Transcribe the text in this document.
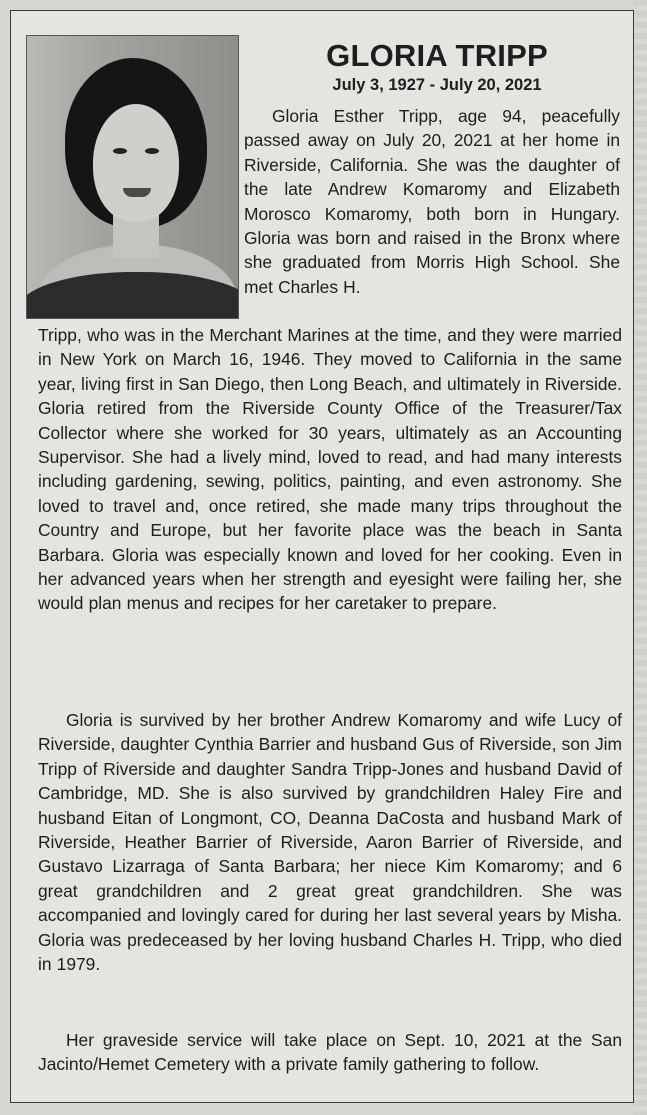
GLORIA TRIPP
July 3, 1927 - July 20, 2021

Gloria Esther Tripp, age 94, peacefully passed away on July 20, 2021 at her home in Riverside, California. She was the daughter of the late Andrew Komaromy and Elizabeth Morosco Komaromy, both born in Hungary. Gloria was born and raised in the Bronx where she graduated from Morris High School. She met Charles H.

Tripp, who was in the Merchant Marines at the time, and they were married in New York on March 16, 1946. They moved to California in the same year, living first in San Diego, then Long Beach, and ultimately in Riverside. Gloria retired from the Riverside County Office of the Treasurer/Tax Collector where she worked for 30 years, ultimately as an Accounting Supervisor. She had a lively mind, loved to read, and had many interests including gardening, sewing, politics, painting, and even astronomy. She loved to travel and, once retired, she made many trips throughout the Country and Europe, but her favorite place was the beach in Santa Barbara. Gloria was especially known and loved for her cooking. Even in her advanced years when her strength and eyesight were failing her, she would plan menus and recipes for her caretaker to prepare.

Gloria is survived by her brother Andrew Komaromy and wife Lucy of Riverside, daughter Cynthia Barrier and husband Gus of Riverside, son Jim Tripp of Riverside and daughter Sandra Tripp-Jones and husband David of Cambridge, MD. She is also survived by grandchildren Haley Fire and husband Eitan of Longmont, CO, Deanna DaCosta and husband Mark of Riverside, Heather Barrier of Riverside, Aaron Barrier of Riverside, and Gustavo Lizarraga of Santa Barbara; her niece Kim Komaromy; and 6 great grandchildren and 2 great great grandchildren. She was accompanied and lovingly cared for during her last several years by Misha. Gloria was predeceased by her loving husband Charles H. Tripp, who died in 1979.

Her graveside service will take place on Sept. 10, 2021 at the San Jacinto/Hemet Cemetery with a private family gathering to follow.
